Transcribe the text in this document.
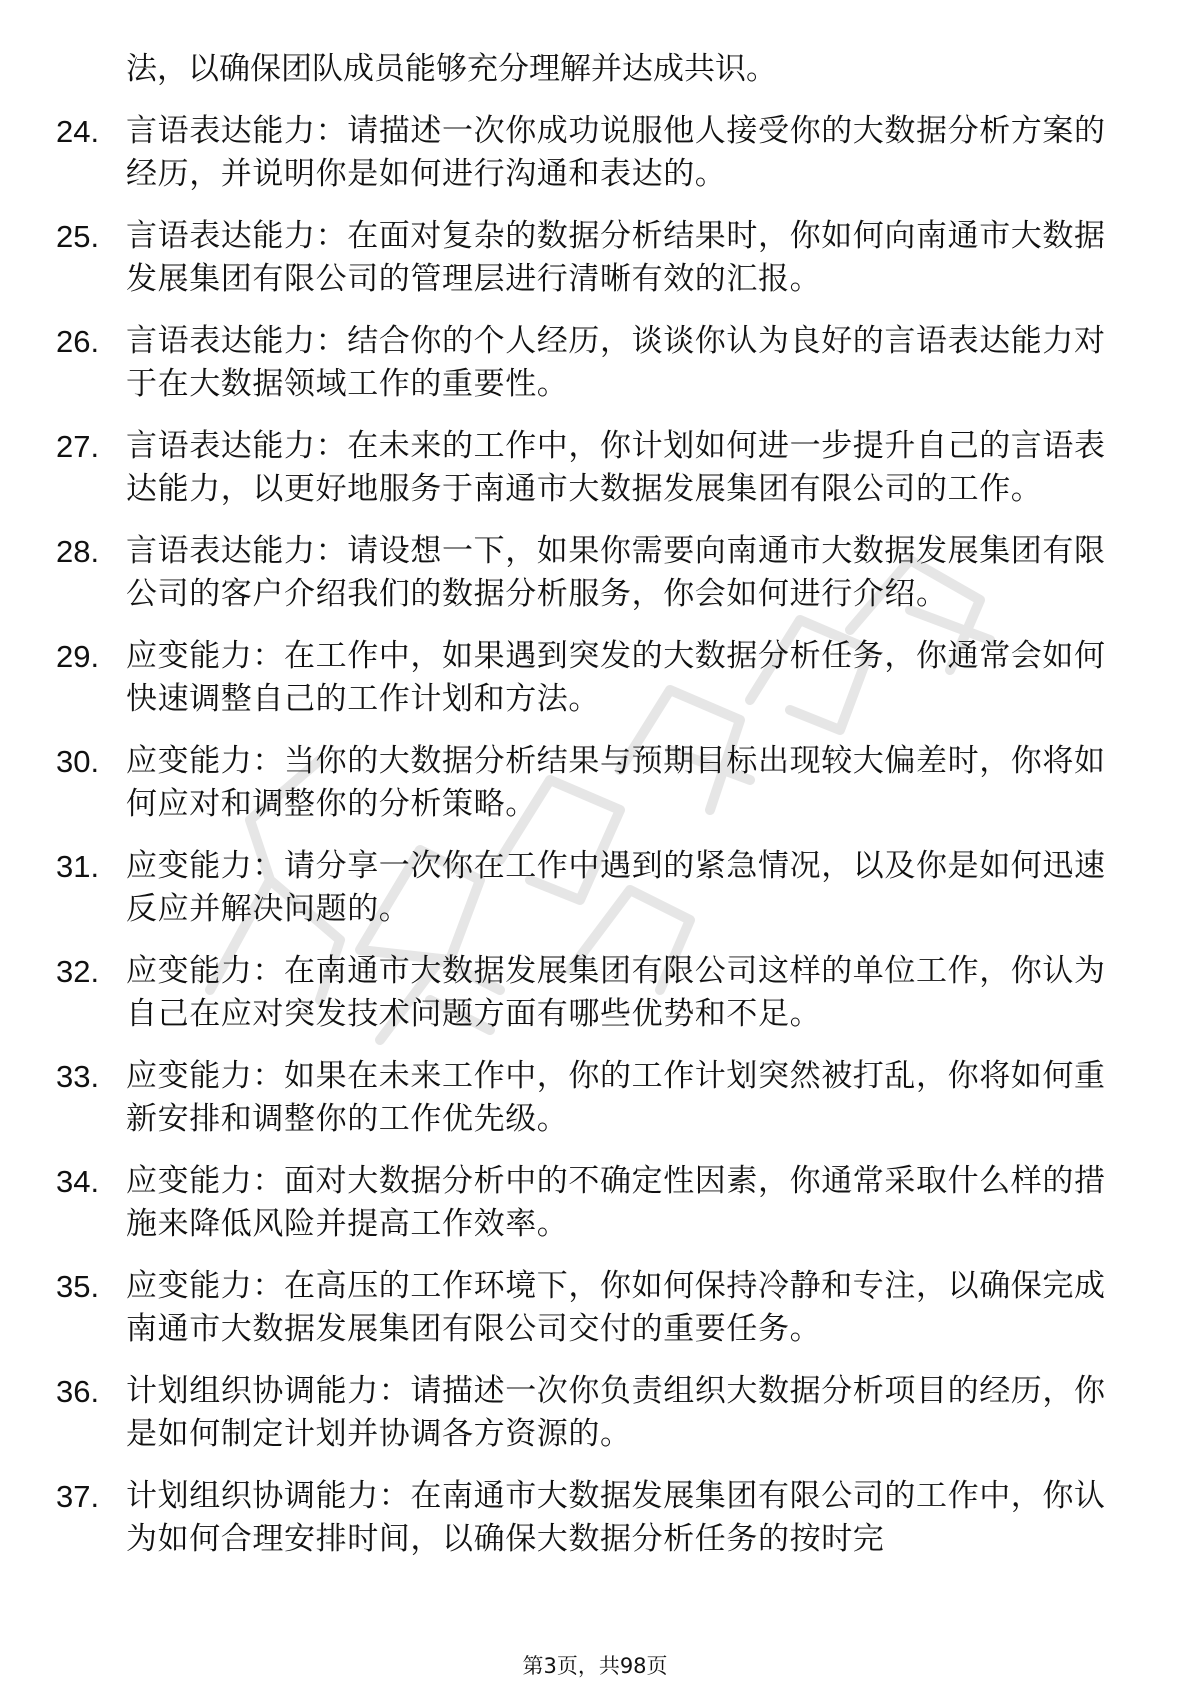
法，以确保团队成员能够充分理解并达成共识。
24. 言语表达能力：请描述一次你成功说服他人接受你的大数据分析方案的经历，并说明你是如何进行沟通和表达的。
25. 言语表达能力：在面对复杂的数据分析结果时，你如何向南通市大数据发展集团有限公司的管理层进行清晰有效的汇报。
26. 言语表达能力：结合你的个人经历，谈谈你认为良好的言语表达能力对于在大数据领域工作的重要性。
27. 言语表达能力：在未来的工作中，你计划如何进一步提升自己的言语表达能力，以更好地服务于南通市大数据发展集团有限公司的工作。
28. 言语表达能力：请设想一下，如果你需要向南通市大数据发展集团有限公司的客户介绍我们的数据分析服务，你会如何进行介绍。
29. 应变能力：在工作中，如果遇到突发的大数据分析任务，你通常会如何快速调整自己的工作计划和方法。
30. 应变能力：当你的大数据分析结果与预期目标出现较大偏差时，你将如何应对和调整你的分析策略。
31. 应变能力：请分享一次你在工作中遇到的紧急情况，以及你是如何迅速反应并解决问题的。
32. 应变能力：在南通市大数据发展集团有限公司这样的单位工作，你认为自己在应对突发技术问题方面有哪些优势和不足。
33. 应变能力：如果在未来工作中，你的工作计划突然被打乱，你将如何重新安排和调整你的工作优先级。
34. 应变能力：面对大数据分析中的不确定性因素，你通常采取什么样的措施来降低风险并提高工作效率。
35. 应变能力：在高压的工作环境下，你如何保持冷静和专注，以确保完成南通市大数据发展集团有限公司交付的重要任务。
36. 计划组织协调能力：请描述一次你负责组织大数据分析项目的经历，你是如何制定计划并协调各方资源的。
37. 计划组织协调能力：在南通市大数据发展集团有限公司的工作中，你认为如何合理安排时间，以确保大数据分析任务的按时完
第3页，共98页
